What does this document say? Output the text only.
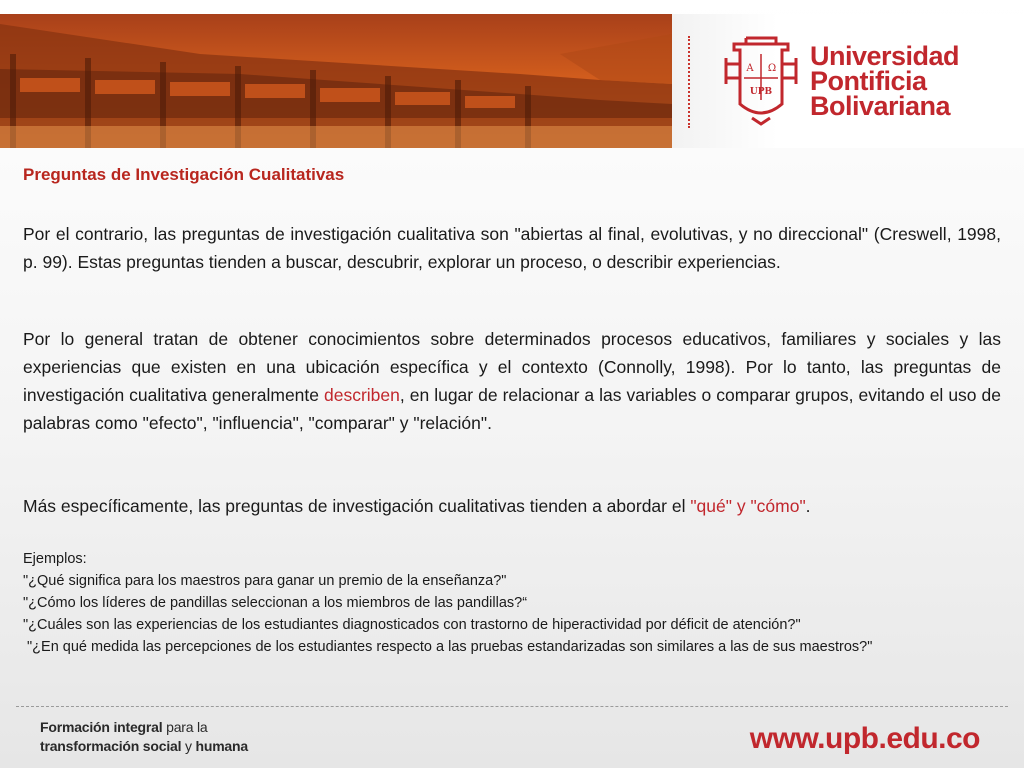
A Ω
UPB
Universidad
Pontificia
Bolivariana
Preguntas de Investigación Cualitativas

Por el contrario, las preguntas de investigación cualitativa son "abiertas al final, evolutivas, y no direccional" (Creswell, 1998, p. 99). Estas preguntas tienden a buscar, descubrir, explorar un proceso, o describir experiencias.

Por lo general tratan de obtener conocimientos sobre determinados procesos educativos, familiares y sociales y las experiencias que existen en una ubicación específica y el contexto (Connolly, 1998). Por lo tanto, las preguntas de investigación cualitativa generalmente describen, en lugar de relacionar a las variables o comparar grupos, evitando el uso de palabras como "efecto", "influencia", "comparar" y "relación".

Más específicamente, las preguntas de investigación cualitativas tienden a abordar el "qué" y "cómo".

Ejemplos:
"¿Qué significa para los maestros para ganar un premio de la enseñanza?"
"¿Cómo los líderes de pandillas seleccionan a los miembros de las pandillas?“
"¿Cuáles son las experiencias de los estudiantes diagnosticados con trastorno de hiperactividad por déficit de atención?"
"¿En qué medida las percepciones de los estudiantes respecto a las pruebas estandarizadas son similares a las de sus maestros?"
Formación integral para la
transformación social y humana	www.upb.edu.co
